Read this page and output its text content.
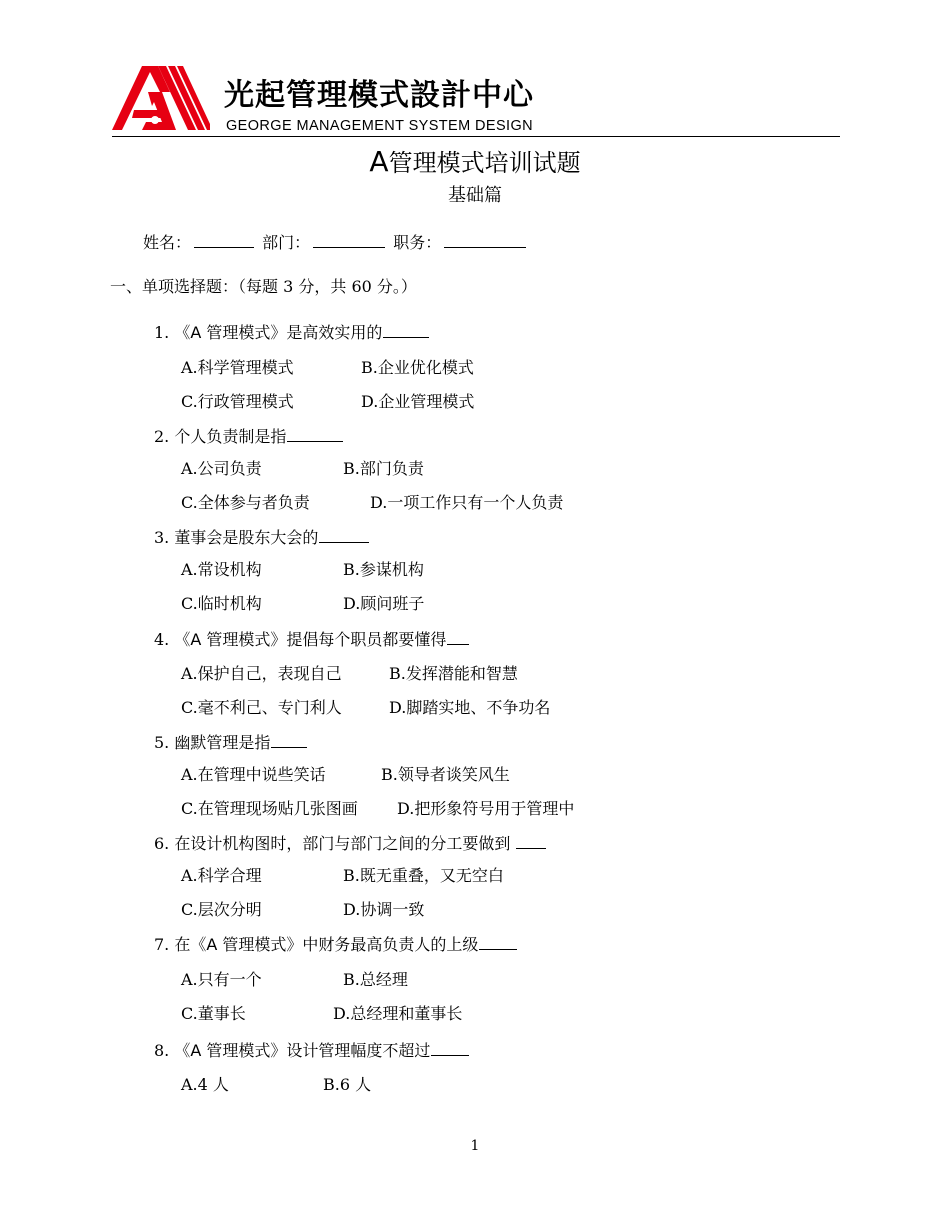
光起管理模式設計中心
GEORGE MANAGEMENT SYSTEM DESIGN
A管理模式培训试题
基础篇
姓名：	部门：	职务：
一、单项选择题：（每题 3 分，共 60 分。）
1. 《A 管理模式》是高效实用的
A.科学管理模式	B.企业优化模式
C.行政管理模式	D.企业管理模式
2. 个人负责制是指
A.公司负责	B.部门负责
C.全体参与者负责	D.一项工作只有一个人负责
3. 董事会是股东大会的
A.常设机构	B.参谋机构
C.临时机构	D.顾问班子
4. 《A 管理模式》提倡每个职员都要懂得
A.保护自己，表现自己	B.发挥潜能和智慧
C.毫不利己、专门利人	D.脚踏实地、不争功名
5. 幽默管理是指
A.在管理中说些笑话	B.领导者谈笑风生
C.在管理现场贴几张图画 D.把形象符号用于管理中
6. 在设计机构图时，部门与部门之间的分工要做到
A.科学合理	B.既无重叠，又无空白
C.层次分明	D.协调一致
7. 在《A 管理模式》中财务最高负责人的上级
A.只有一个	B.总经理
C.董事长	D.总经理和董事长
8. 《A 管理模式》设计管理幅度不超过
A.4 人	B.6 人
1
